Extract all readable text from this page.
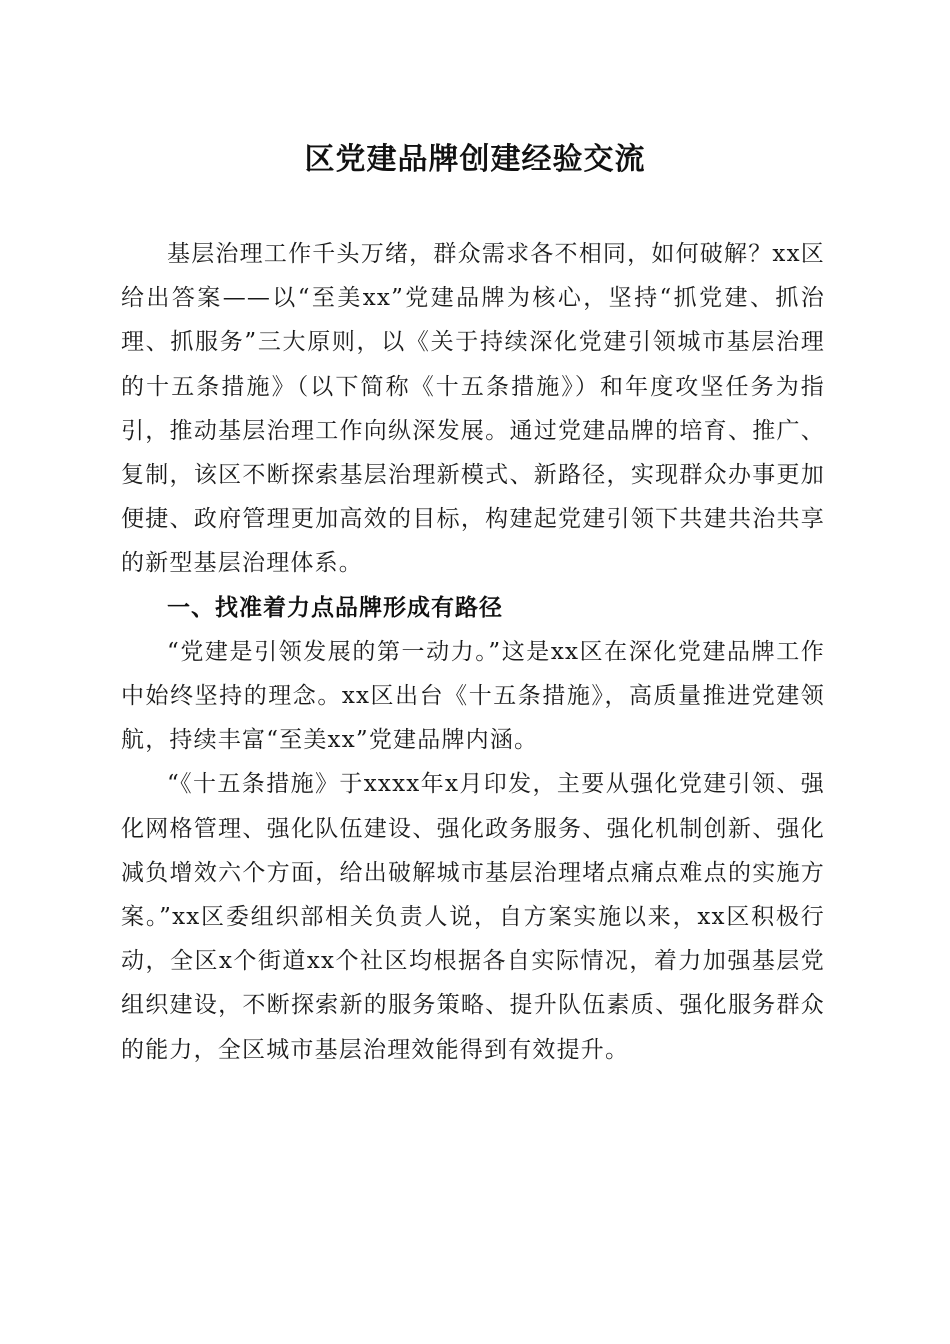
区党建品牌创建经验交流

基层治理工作千头万绪，群众需求各不相同，如何破解？xx区给出答案——以“至美xx”党建品牌为核心，坚持“抓党建、抓治理、抓服务”三大原则，以《关于持续深化党建引领城市基层治理的十五条措施》（以下简称《十五条措施》）和年度攻坚任务为指引，推动基层治理工作向纵深发展。通过党建品牌的培育、推广、复制，该区不断探索基层治理新模式、新路径，实现群众办事更加便捷、政府管理更加高效的目标，构建起党建引领下共建共治共享的新型基层治理体系。

一、找准着力点品牌形成有路径

“党建是引领发展的第一动力。”这是xx区在深化党建品牌工作中始终坚持的理念。xx区出台《十五条措施》，高质量推进党建领航，持续丰富“至美xx”党建品牌内涵。

“《十五条措施》于xxxx年x月印发，主要从强化党建引领、强化网格管理、强化队伍建设、强化政务服务、强化机制创新、强化减负增效六个方面，给出破解城市基层治理堵点痛点难点的实施方案。”xx区委组织部相关负责人说，自方案实施以来，xx区积极行动，全区x个街道xx个社区均根据各自实际情况，着力加强基层党组织建设，不断探索新的服务策略、提升队伍素质、强化服务群众的能力，全区城市基层治理效能得到有效提升。
